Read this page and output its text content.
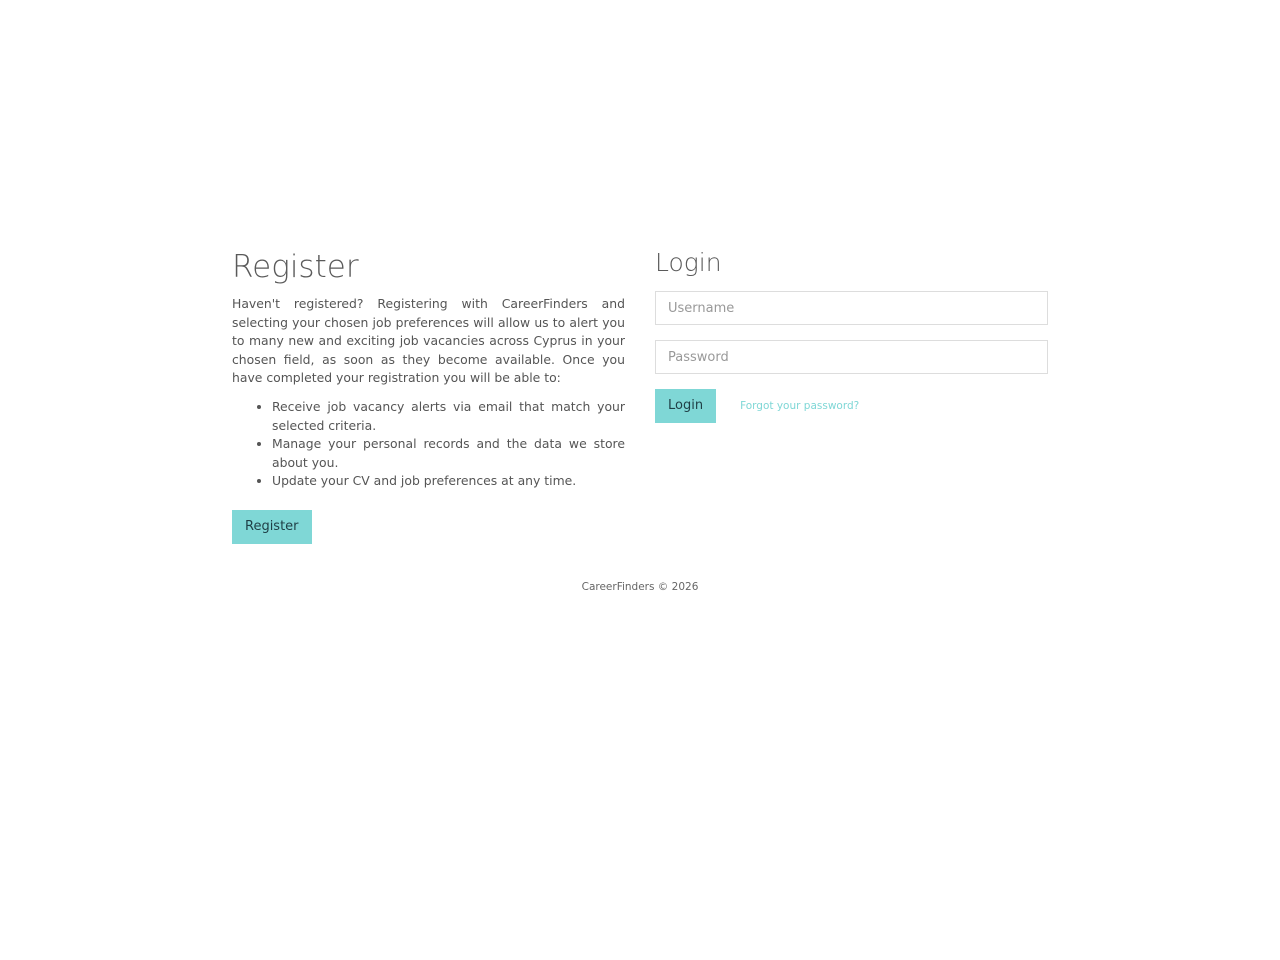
Register

Haven't registered? Registering with CareerFinders and selecting your chosen job preferences will allow us to alert you to many new and exciting job vacancies across Cyprus in your chosen field, as soon as they become available. Once you have completed your registration you will be able to:

• Receive job vacancy alerts via email that match your selected criteria.
• Manage your personal records and the data we store about you.
• Update your CV and job preferences at any time.
Register
Login
Username
Login	Forgot your password?
CareerFinders © 2026
